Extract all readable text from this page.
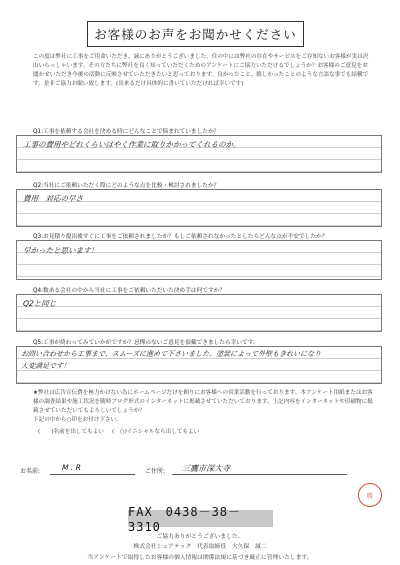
お客様のお声をお聞かせください
この度は弊社に工事をご用命いただき、誠にありがとうございました。住の中には弊社の存在やサービスをご存知ないお客様が実は沢山いらっしゃいます。その方たちに弊社を良く知っていただくためのアンケートにご協力いただけるでしょうか？お客様のご意見をお聞かせいただき今後の活動に反映させていただきたいと思っております。良かったこと、嬉しかったことのような言語な事でも結構です。是非ご協力お願い致します。(出来るだけ具体的に書いていただければ幸いです)
Q1:工事を依頼する会社を決める時にどんなことで悩まれていましたか？
工事の費用やどれくらいはやく作業に取りかかってくれるのか。
Q2:当社にご依頼いただく際にどのような点を比較・検討されましたか？
費用　対応の早さ
Q3:お見積り提出後すぐに工事をご依頼されましたか？もしご依頼されなかったとしたらどんな点が不安でしたか？
早かったと思います！
Q4:数ある会社の中から当社に工事をご依頼いただいた決め手は何ですか？
Q2と同じ
Q5:工事が終わってみていかがですか？忌憚のないご意見を頂戴できましたら幸いです。
お問い合わせから工事まで、スムーズに進めて下さいました。塗装によって外壁もきれいになり
大変満足です！
★弊社は広告宣伝費を極力かけない為にホームページだけを頼りにお客様への営業活動を行っております。本アンケート用紙またはお客様の調査結果や施工状況を随時ブログ形式のインターネットに掲載させていただいております。上記内容をインターネットや印刷物に掲載させていただいてもよろしいでしょうか？
下記の中から○印をお付け下さい。
(　　)名前を出してもよい (　○)イニシャルなら出してもよい
お名前:	M . R	ご住所: 三鷹市深大寺
勝
FAX　0438－38－3310
ご協力ありがとうございました。
株式会社シェアテック　代表取締役　大久保　誠二
当アンケートで取得したお客様の個人情報は関係法規に基づき厳正に管理いたします。
